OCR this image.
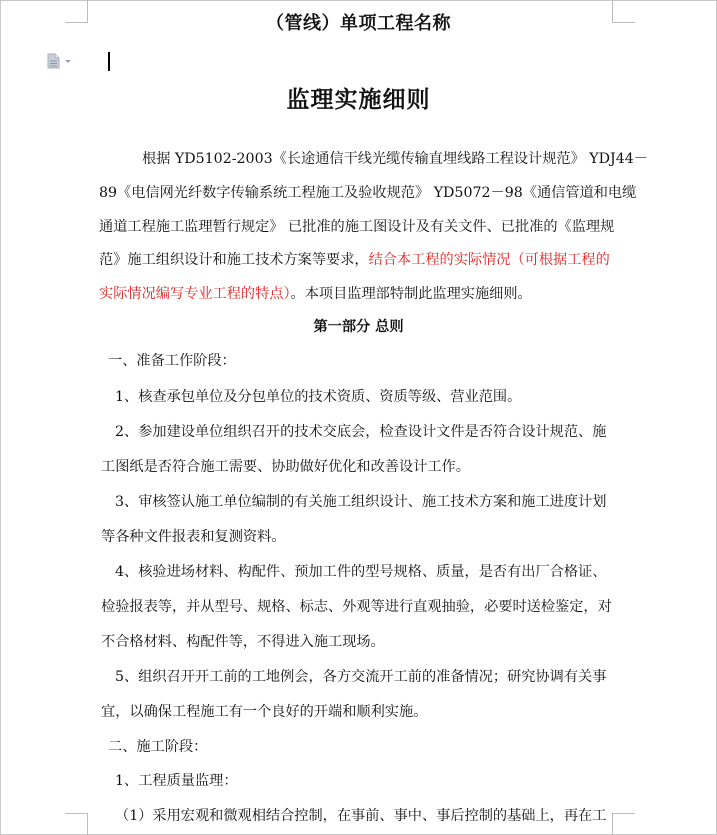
（管线）单项工程名称
监理实施细则
根据 YD5102-2003《长途通信干线光缆传输直埋线路工程设计规范》 YDJ44－
89《电信网光纤数字传输系统工程施工及验收规范》 YD5072－98《通信管道和电缆
通道工程施工监理暂行规定》 已批准的施工图设计及有关文件、已批准的《监理规
范》施工组织设计和施工技术方案等要求，结合本工程的实际情况（可根据工程的
实际情况编写专业工程的特点）。本项目监理部特制此监理实施细则。
第一部分 总则
一、准备工作阶段：
1、核查承包单位及分包单位的技术资质、资质等级、营业范围。
2、参加建设单位组织召开的技术交底会，检查设计文件是否符合设计规范、施
工图纸是否符合施工需要、协助做好优化和改善设计工作。
3、审核签认施工单位编制的有关施工组织设计、施工技术方案和施工进度计划
等各种文件报表和复测资料。
4、核验进场材料、构配件、预加工件的型号规格、质量，是否有出厂合格证、
检验报表等，并从型号、规格、标志、外观等进行直观抽验，必要时送检鉴定，对
不合格材料、构配件等，不得进入施工现场。
5、组织召开开工前的工地例会，各方交流开工前的准备情况；研究协调有关事
宜，以确保工程施工有一个良好的开端和顺利实施。
二、施工阶段：
1、工程质量监理：
（1）采用宏观和微观相结合控制，在事前、事中、事后控制的基础上，再在工
